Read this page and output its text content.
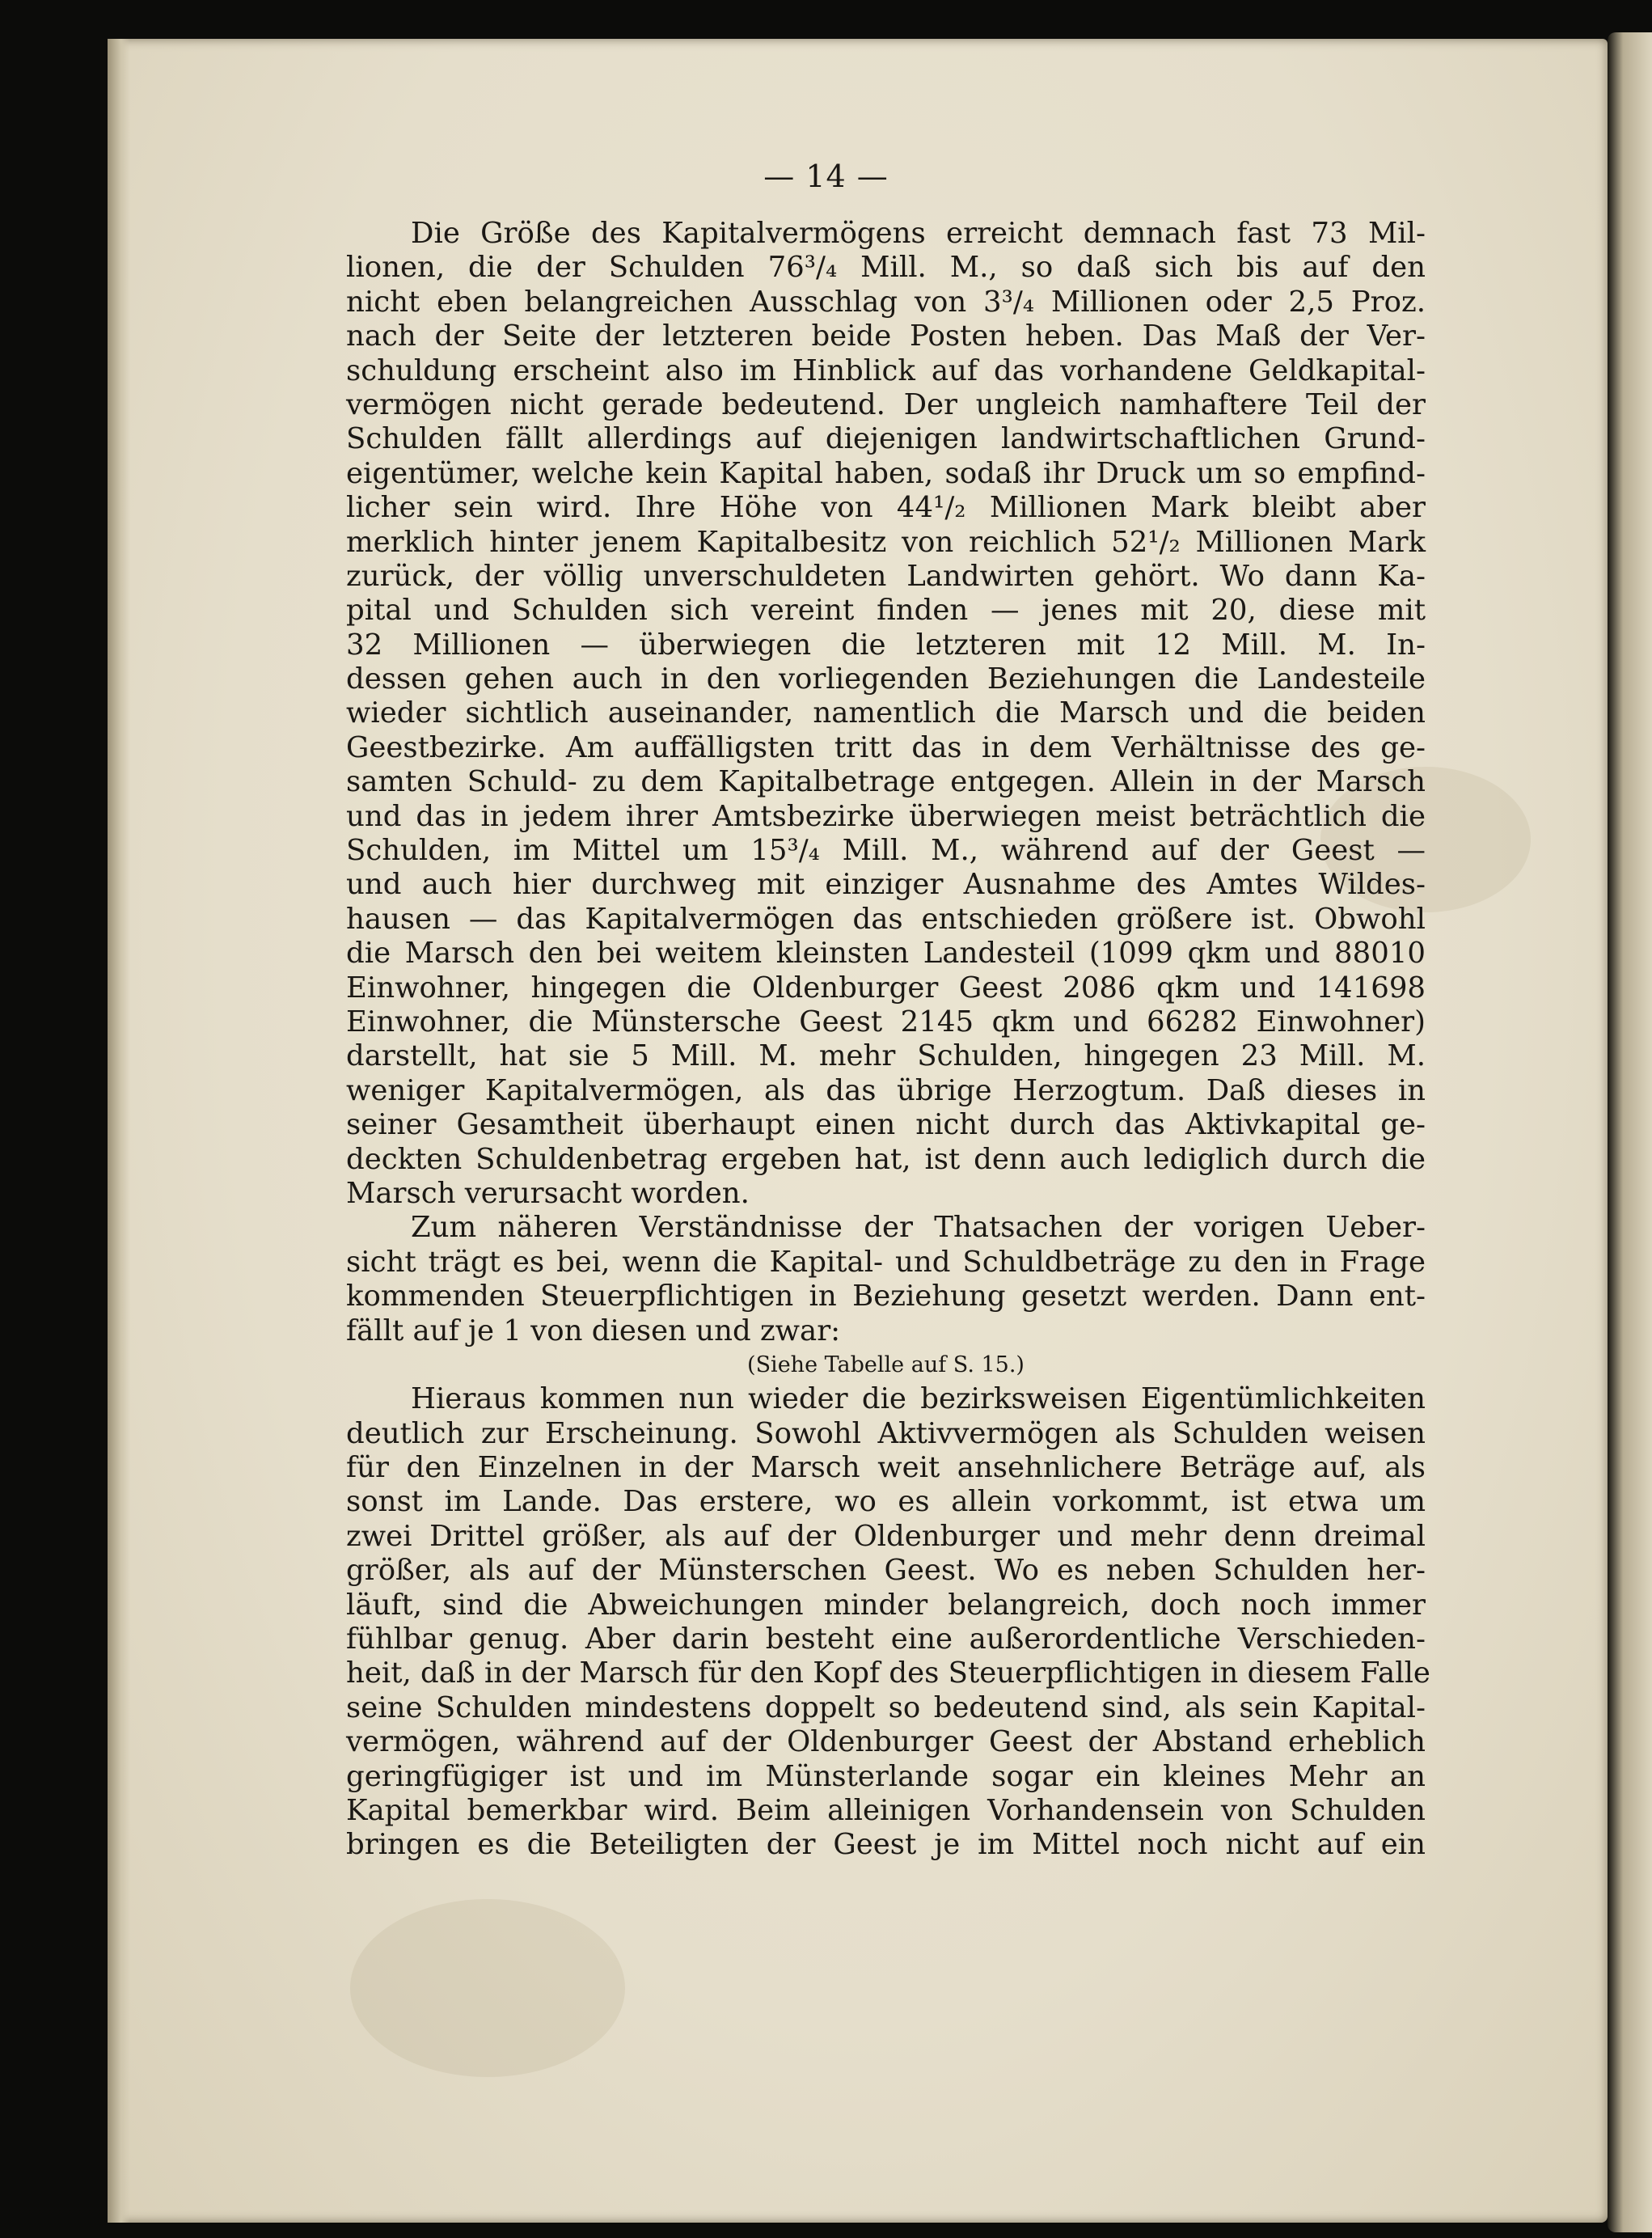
— 14 —
Die Größe des Kapitalvermögens erreicht demnach fast 73 Mil-
lionen, die der Schulden 76³/₄ Mill. M., so daß sich bis auf den
nicht eben belangreichen Ausschlag von 3³/₄ Millionen oder 2,5 Proz.
nach der Seite der letzteren beide Posten heben. Das Maß der Ver-
schuldung erscheint also im Hinblick auf das vorhandene Geldkapital-
vermögen nicht gerade bedeutend. Der ungleich namhaftere Teil der
Schulden fällt allerdings auf diejenigen landwirtschaftlichen Grund-
eigentümer, welche kein Kapital haben, sodaß ihr Druck um so empfind-
licher sein wird. Ihre Höhe von 44¹/₂ Millionen Mark bleibt aber
merklich hinter jenem Kapitalbesitz von reichlich 52¹/₂ Millionen Mark
zurück, der völlig unverschuldeten Landwirten gehört. Wo dann Ka-
pital und Schulden sich vereint finden — jenes mit 20, diese mit
32 Millionen — überwiegen die letzteren mit 12 Mill. M. In-
dessen gehen auch in den vorliegenden Beziehungen die Landesteile
wieder sichtlich auseinander, namentlich die Marsch und die beiden
Geestbezirke. Am auffälligsten tritt das in dem Verhältnisse des ge-
samten Schuld- zu dem Kapitalbetrage entgegen. Allein in der Marsch
und das in jedem ihrer Amtsbezirke überwiegen meist beträchtlich die
Schulden, im Mittel um 15³/₄ Mill. M., während auf der Geest —
und auch hier durchweg mit einziger Ausnahme des Amtes Wildes-
hausen — das Kapitalvermögen das entschieden größere ist. Obwohl
die Marsch den bei weitem kleinsten Landesteil (1099 qkm und 88010
Einwohner, hingegen die Oldenburger Geest 2086 qkm und 141698
Einwohner, die Münstersche Geest 2145 qkm und 66282 Einwohner)
darstellt, hat sie 5 Mill. M. mehr Schulden, hingegen 23 Mill. M.
weniger Kapitalvermögen, als das übrige Herzogtum. Daß dieses in
seiner Gesamtheit überhaupt einen nicht durch das Aktivkapital ge-
deckten Schuldenbetrag ergeben hat, ist denn auch lediglich durch die
Marsch verursacht worden.
Zum näheren Verständnisse der Thatsachen der vorigen Ueber-
sicht trägt es bei, wenn die Kapital- und Schuldbeträge zu den in Frage
kommenden Steuerpflichtigen in Beziehung gesetzt werden. Dann ent-
fällt auf je 1 von diesen und zwar:
(Siehe Tabelle auf S. 15.)
Hieraus kommen nun wieder die bezirksweisen Eigentümlichkeiten
deutlich zur Erscheinung. Sowohl Aktivvermögen als Schulden weisen
für den Einzelnen in der Marsch weit ansehnlichere Beträge auf, als
sonst im Lande. Das erstere, wo es allein vorkommt, ist etwa um
zwei Drittel größer, als auf der Oldenburger und mehr denn dreimal
größer, als auf der Münsterschen Geest. Wo es neben Schulden her-
läuft, sind die Abweichungen minder belangreich, doch noch immer
fühlbar genug. Aber darin besteht eine außerordentliche Verschieden-
heit, daß in der Marsch für den Kopf des Steuerpflichtigen in diesem Falle
seine Schulden mindestens doppelt so bedeutend sind, als sein Kapital-
vermögen, während auf der Oldenburger Geest der Abstand erheblich
geringfügiger ist und im Münsterlande sogar ein kleines Mehr an
Kapital bemerkbar wird. Beim alleinigen Vorhandensein von Schulden
bringen es die Beteiligten der Geest je im Mittel noch nicht auf ein
